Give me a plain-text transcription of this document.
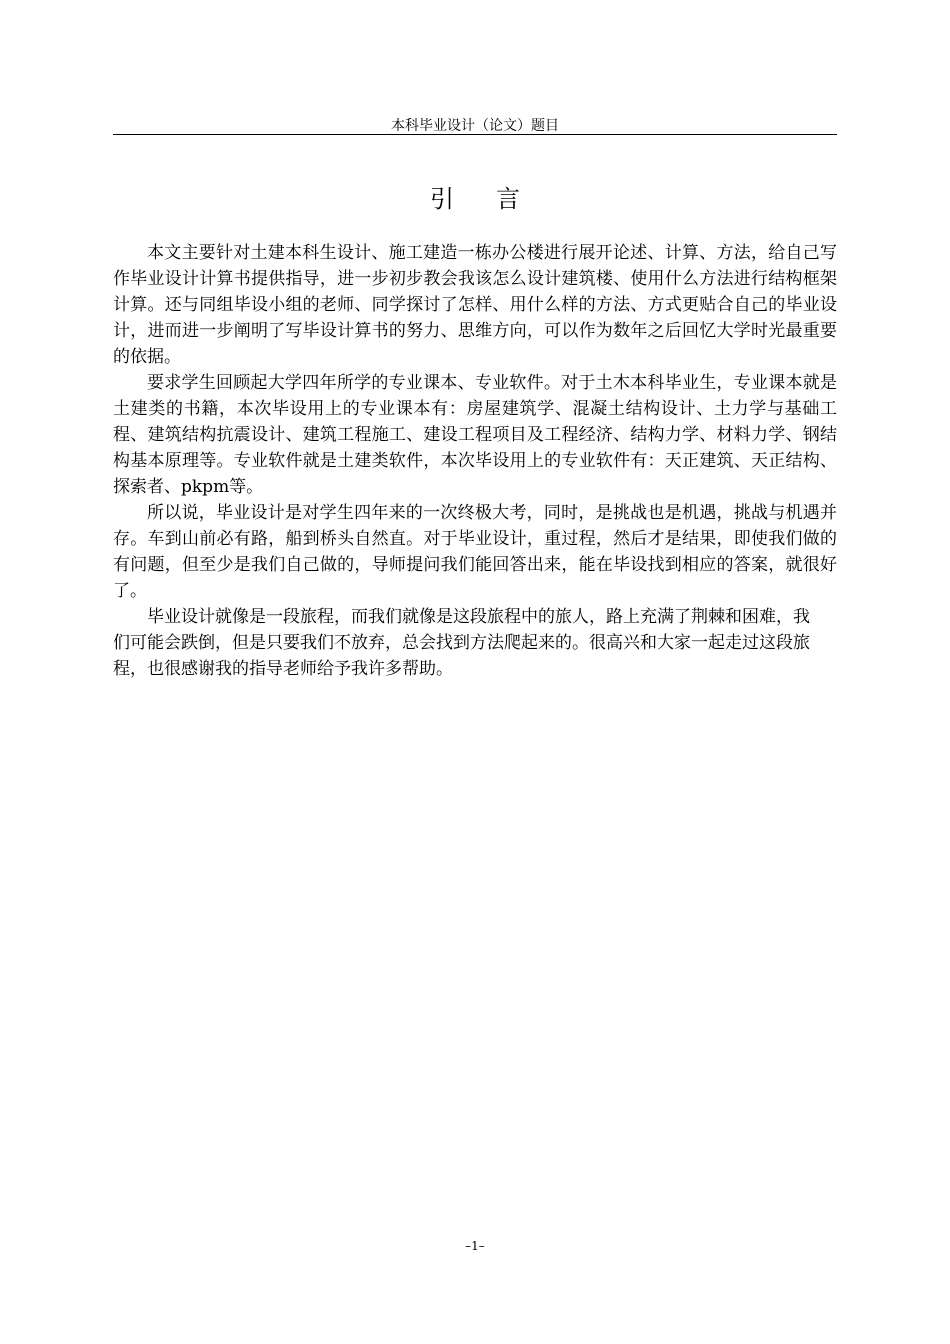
本科毕业设计（论文）题目
引言

本文主要针对土建本科生设计、施工建造一栋办公楼进行展开论述、计算、方法，给自己写作毕业设计计算书提供指导，进一步初步教会我该怎么设计建筑楼、使用什么方法进行结构框架计算。还与同组毕设小组的老师、同学探讨了怎样、用什么样的方法、方式更贴合自己的毕业设计，进而进一步阐明了写毕设计算书的努力、思维方向，可以作为数年之后回忆大学时光最重要的依据。

要求学生回顾起大学四年所学的专业课本、专业软件。对于土木本科毕业生，专业课本就是土建类的书籍，本次毕设用上的专业课本有：房屋建筑学、混凝土结构设计、土力学与基础工程、建筑结构抗震设计、建筑工程施工、建设工程项目及工程经济、结构力学、材料力学、钢结构基本原理等。专业软件就是土建类软件，本次毕设用上的专业软件有：天正建筑、天正结构、探索者、pkpm等。

所以说，毕业设计是对学生四年来的一次终极大考，同时，是挑战也是机遇，挑战与机遇并存。车到山前必有路，船到桥头自然直。对于毕业设计，重过程，然后才是结果，即使我们做的有问题，但至少是我们自己做的，导师提问我们能回答出来，能在毕设找到相应的答案，就很好了。

毕业设计就像是一段旅程，而我们就像是这段旅程中的旅人，路上充满了荆棘和困难，我们可能会跌倒，但是只要我们不放弃，总会找到方法爬起来的。很高兴和大家一起走过这段旅程，也很感谢我的指导老师给予我许多帮助。

–1–
